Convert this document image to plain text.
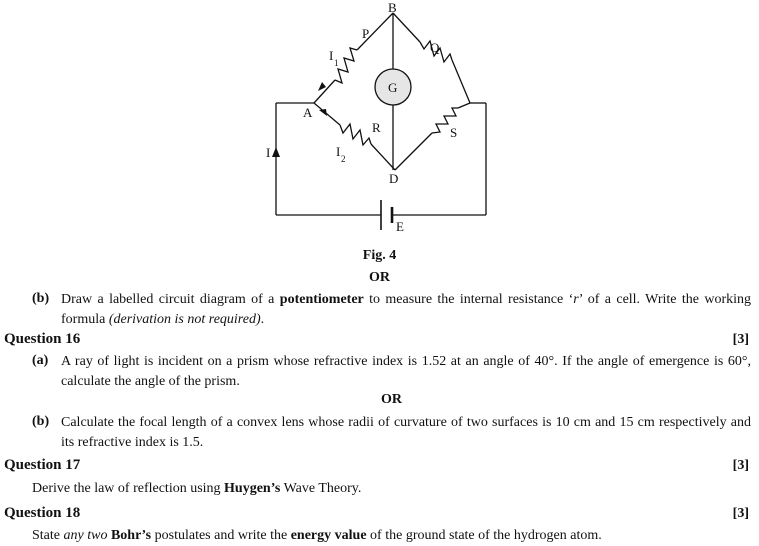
B
P
Q
G
A
R	S
D
E
I
I 1
I 2
Fig. 4
OR
(b) Draw a labelled circuit diagram of a potentiometer to measure the internal resistance ‘r’ of a cell. Write the working formula (derivation is not required).
Question 16	[3]
(a) A ray of light is incident on a prism whose refractive index is 1.52 at an angle of 40°. If the angle of emergence is 60°, calculate the angle of the prism.
OR
(b) Calculate the focal length of a convex lens whose radii of curvature of two surfaces is 10 cm and 15 cm respectively and its refractive index is 1.5.
Question 17	[3]
Derive the law of reflection using Huygen’s Wave Theory.
Question 18	[3]
State any two Bohr’s postulates and write the energy value of the ground state of the hydrogen atom.
